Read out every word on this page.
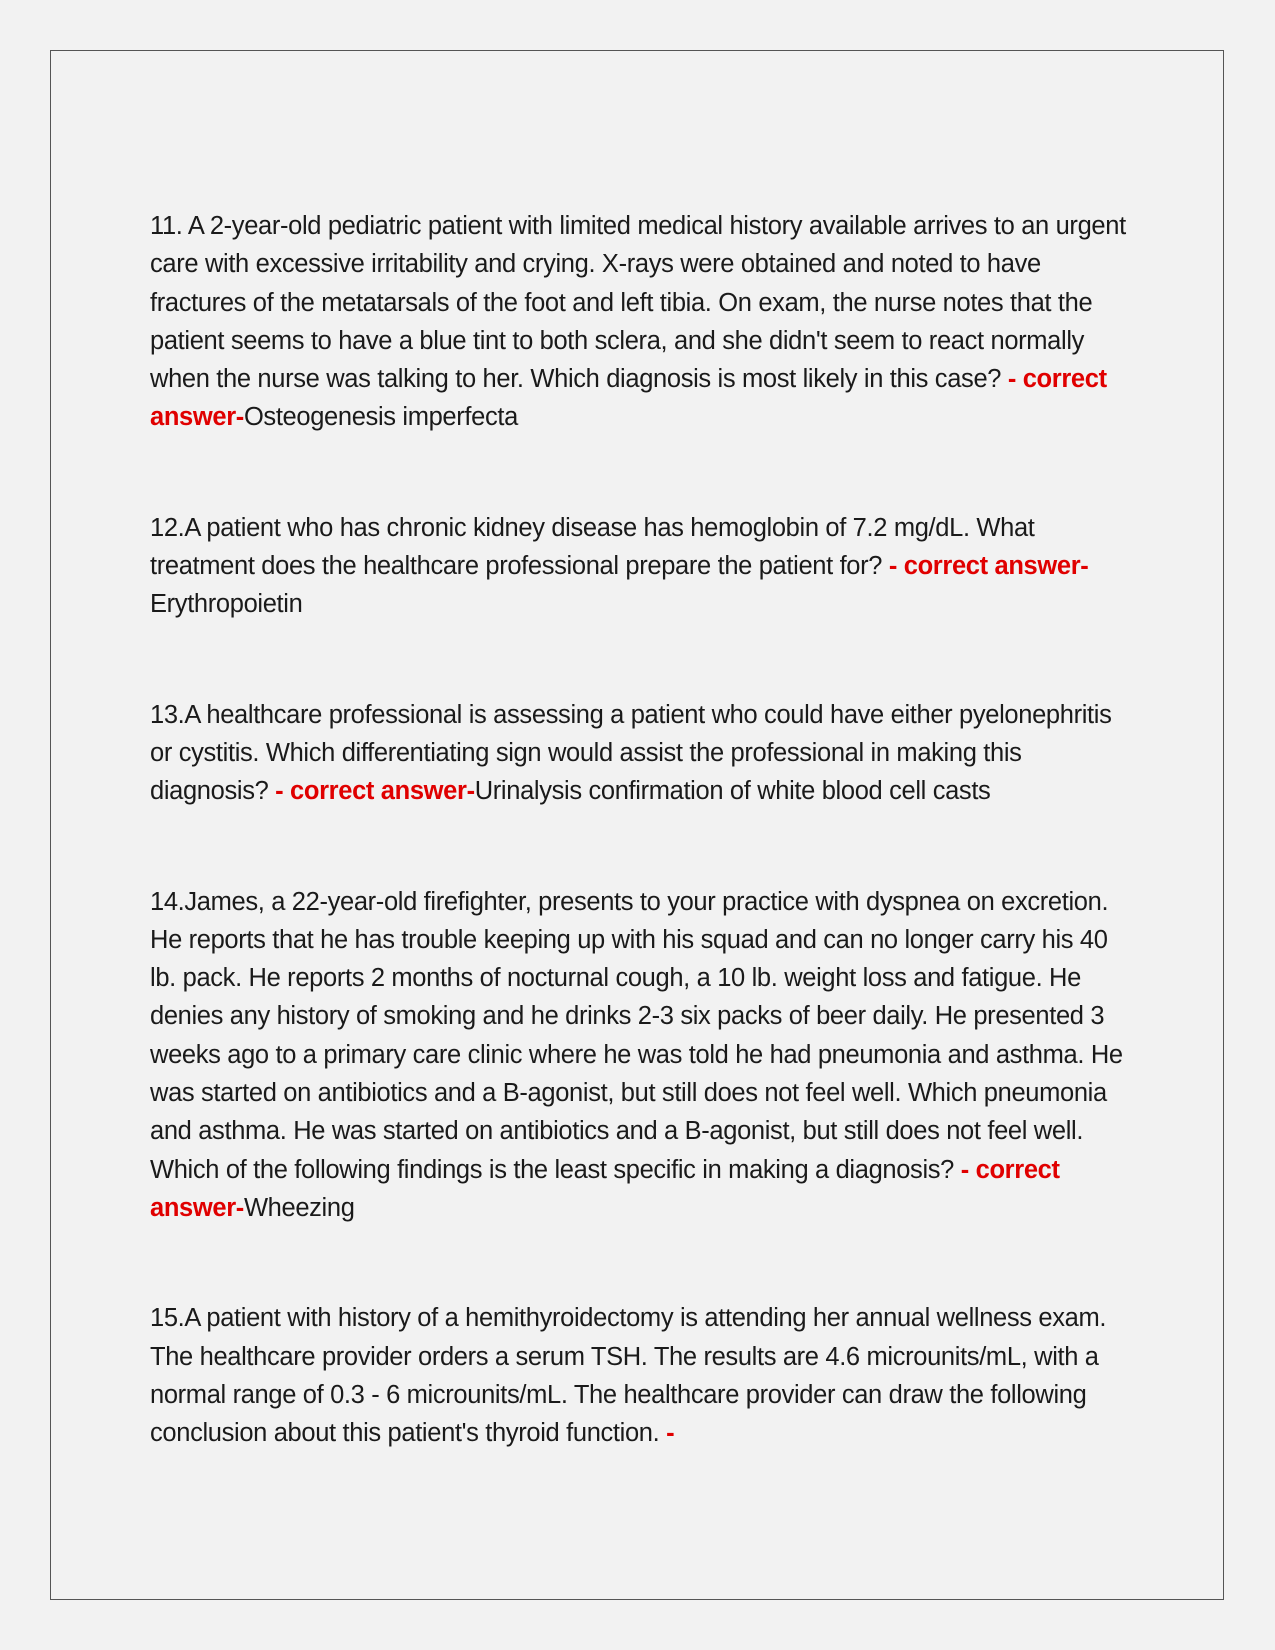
11. A 2-year-old pediatric patient with limited medical history available arrives to an urgent care with excessive irritability and crying. X-rays were obtained and noted to have fractures of the metatarsals of the foot and left tibia. On exam, the nurse notes that the patient seems to have a blue tint to both sclera, and she didn't seem to react normally when the nurse was talking to her. Which diagnosis is most likely in this case? - correct answer-Osteogenesis imperfecta

12.A patient who has chronic kidney disease has hemoglobin of 7.2 mg/dL. What treatment does the healthcare professional prepare the patient for? - correct answer-Erythropoietin

13.A healthcare professional is assessing a patient who could have either pyelonephritis or cystitis. Which differentiating sign would assist the professional in making this diagnosis? - correct answer-Urinalysis confirmation of white blood cell casts

14.James, a 22-year-old firefighter, presents to your practice with dyspnea on excretion. He reports that he has trouble keeping up with his squad and can no longer carry his 40 lb. pack. He reports 2 months of nocturnal cough, a 10 lb. weight loss and fatigue. He denies any history of smoking and he drinks 2-3 six packs of beer daily. He presented 3 weeks ago to a primary care clinic where he was told he had pneumonia and asthma. He was started on antibiotics and a B-agonist, but still does not feel well. Which pneumonia and asthma. He was started on antibiotics and a B-agonist, but still does not feel well. Which of the following findings is the least specific in making a diagnosis? - correct answer-Wheezing

15.A patient with history of a hemithyroidectomy is attending her annual wellness exam. The healthcare provider orders a serum TSH. The results are 4.6 microunits/mL, with a normal range of 0.3 - 6 microunits/mL. The healthcare provider can draw the following conclusion about this patient's thyroid function. -
